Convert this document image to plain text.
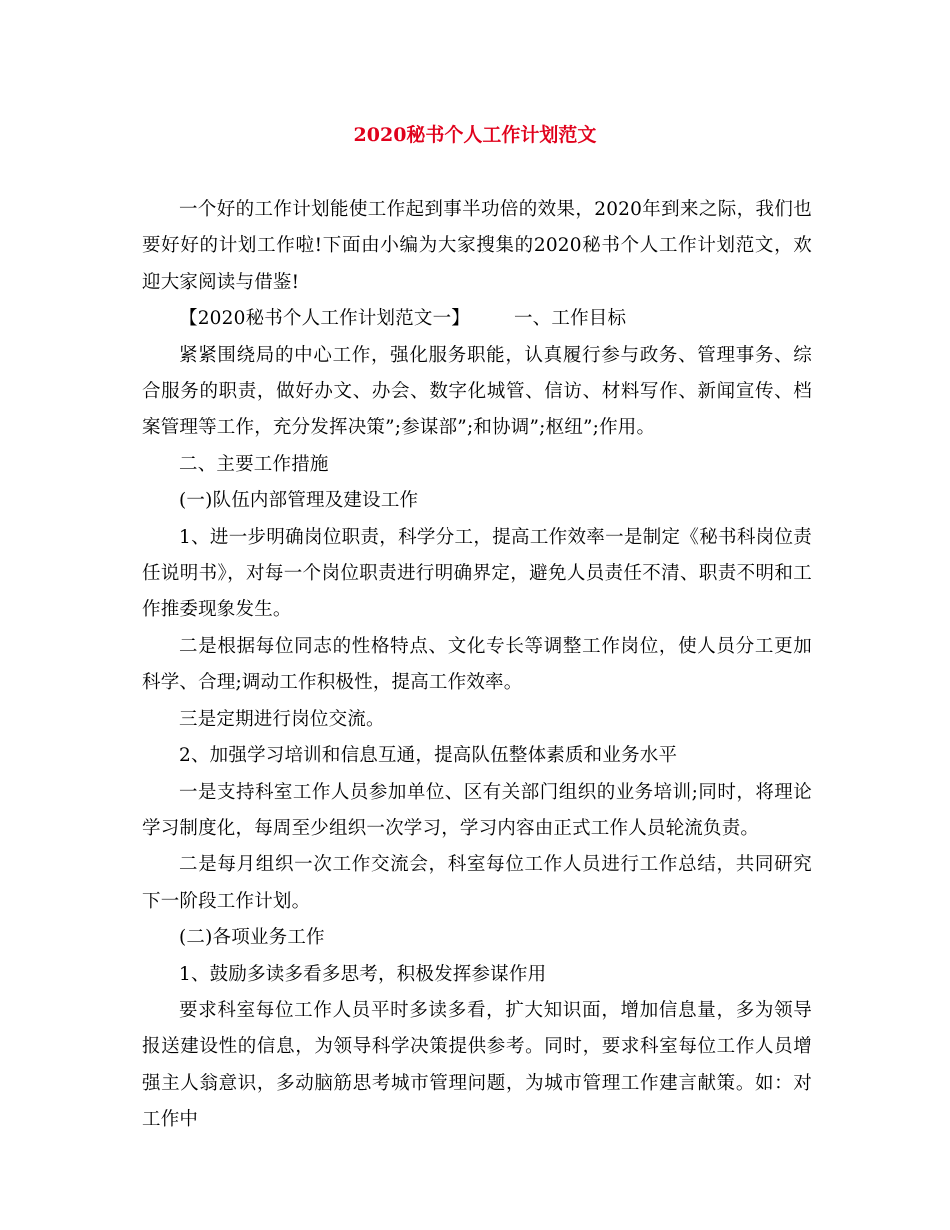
2020秘书个人工作计划范文

一个好的工作计划能使工作起到事半功倍的效果，2020年到来之际，我们也要好好的计划工作啦!下面由小编为大家搜集的2020秘书个人工作计划范文，欢迎大家阅读与借鉴!

【2020秘书个人工作计划范文一】 一、工作目标

紧紧围绕局的中心工作，强化服务职能，认真履行参与政务、管理事务、综合服务的职责，做好办文、办会、数字化城管、信访、材料写作、新闻宣传、档案管理等工作，充分发挥决策”;参谋部”;和协调”;枢纽”;作用。

二、主要工作措施

(一)队伍内部管理及建设工作

1、进一步明确岗位职责，科学分工，提高工作效率一是制定《秘书科岗位责任说明书》，对每一个岗位职责进行明确界定，避免人员责任不清、职责不明和工作推委现象发生。

二是根据每位同志的性格特点、文化专长等调整工作岗位，使人员分工更加科学、合理;调动工作积极性，提高工作效率。

三是定期进行岗位交流。

2、加强学习培训和信息互通，提高队伍整体素质和业务水平

一是支持科室工作人员参加单位、区有关部门组织的业务培训;同时，将理论学习制度化，每周至少组织一次学习，学习内容由正式工作人员轮流负责。

二是每月组织一次工作交流会，科室每位工作人员进行工作总结，共同研究下一阶段工作计划。

(二)各项业务工作

1、鼓励多读多看多思考，积极发挥参谋作用

要求科室每位工作人员平时多读多看，扩大知识面，增加信息量，多为领导报送建设性的信息，为领导科学决策提供参考。同时，要求科室每位工作人员增强主人翁意识，多动脑筋思考城市管理问题，为城市管理工作建言献策。如：对工作中
